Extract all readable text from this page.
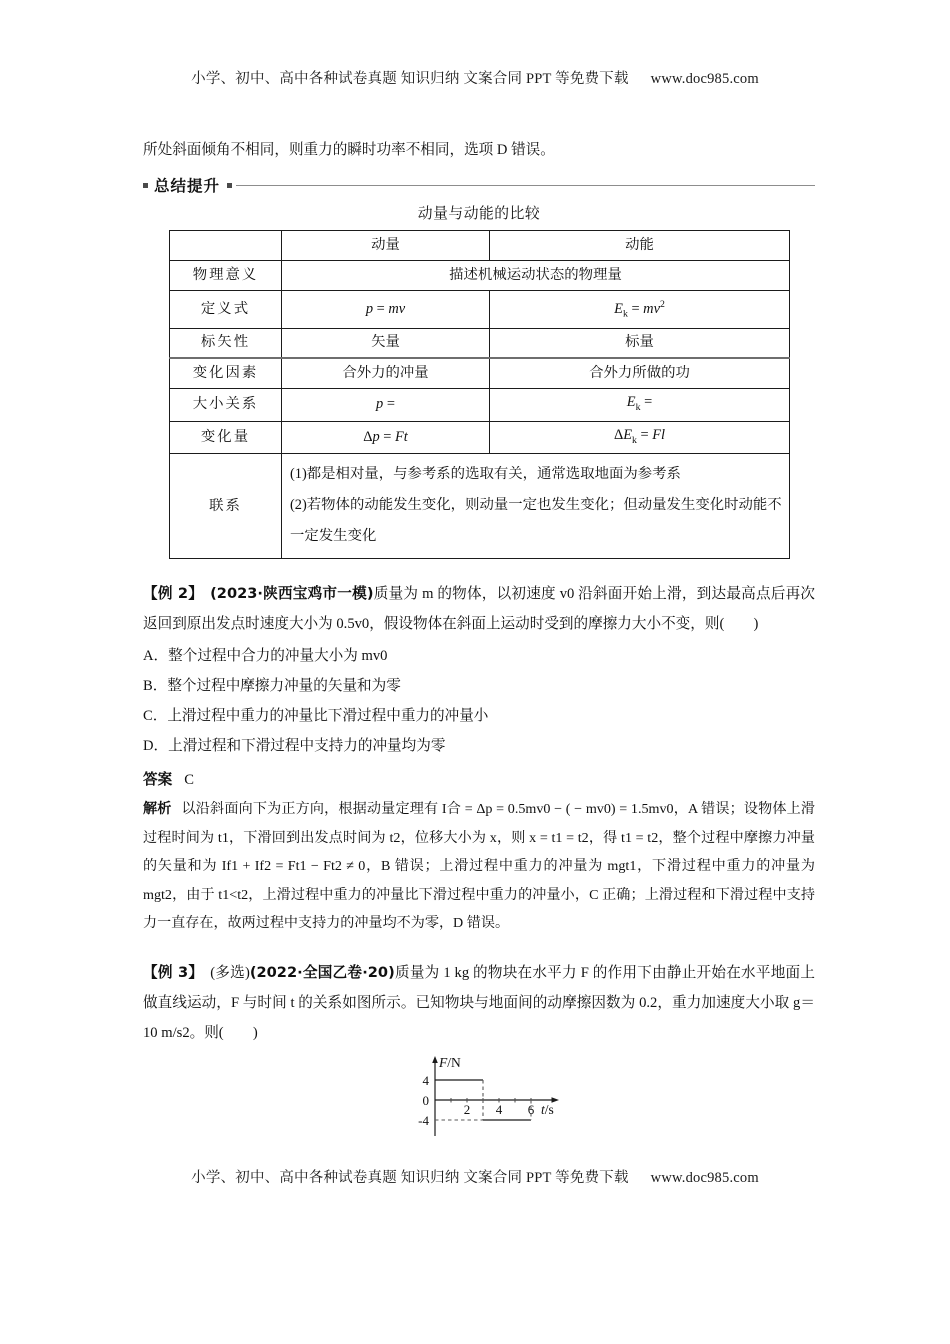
小学、初中、高中各种试卷真题 知识归纳 文案合同 PPT 等免费下载 www.doc985.com
所处斜面倾角不相同，则重力的瞬时功率不相同，选项 D 错误。
总结提升
动量与动能的比较
	动量	动能
物理意义	描述机械运动状态的物理量	
定义式	p = mv	$E_k = mv^2$
标矢性	矢量	标量
变化因素	合外力的冲量	合外力所做的功
大小关系	p =	$E_k$ =
变化量	Δp = Ft	$\Delta E_k = Fl$
联系	(1)都是相对量，与参考系的选取有关，通常选取地面为参考系
(2)若物体的动能发生变化，则动量一定也发生变化；但动量发生变化时动能不一定发生变化	
【例 2】 (2023·陕西宝鸡市一模)质量为 m 的物体，以初速度 v0 沿斜面开始上滑，到达最高点后再次返回到原出发点时速度大小为 0.5v0，假设物体在斜面上运动时受到的摩擦力大小不变，则(　　)
A．整个过程中合力的冲量大小为 mv0
B．整个过程中摩擦力冲量的矢量和为零
C．上滑过程中重力的冲量比下滑过程中重力的冲量小
D．上滑过程和下滑过程中支持力的冲量均为零
答案 C
解析 以沿斜面向下为正方向，根据动量定理有 I合 = Δp = 0.5mv0 − ( − mv0) = 1.5mv0，A 错误；设物体上滑过程时间为 t1，下滑回到出发点时间为 t2，位移大小为 x，则 x = t1 = t2，得 t1 = t2，整个过程中摩擦力冲量的矢量和为 If1 + If2 = Ft1 − Ft2 ≠ 0，B 错误；上滑过程中重力的冲量为 mgt1，下滑过程中重力的冲量为 mgt2，由于 t1<t2，上滑过程中重力的冲量比下滑过程中重力的冲量小，C 正确；上滑过程和下滑过程中支持力一直存在，故两过程中支持力的冲量均不为零，D 错误。
【例 3】 (多选)(2022·全国乙卷·20)质量为 1 kg 的物块在水平力 F 的作用下由静止开始在水平地面上做直线运动，F 与时间 t 的关系如图所示。已知物块与地面间的动摩擦因数为 0.2，重力加速度大小取 g＝10 m/s2。则(　　)
4
0
-4
2 4 6
F/N
t/s
小学、初中、高中各种试卷真题 知识归纳 文案合同 PPT 等免费下载 www.doc985.com
